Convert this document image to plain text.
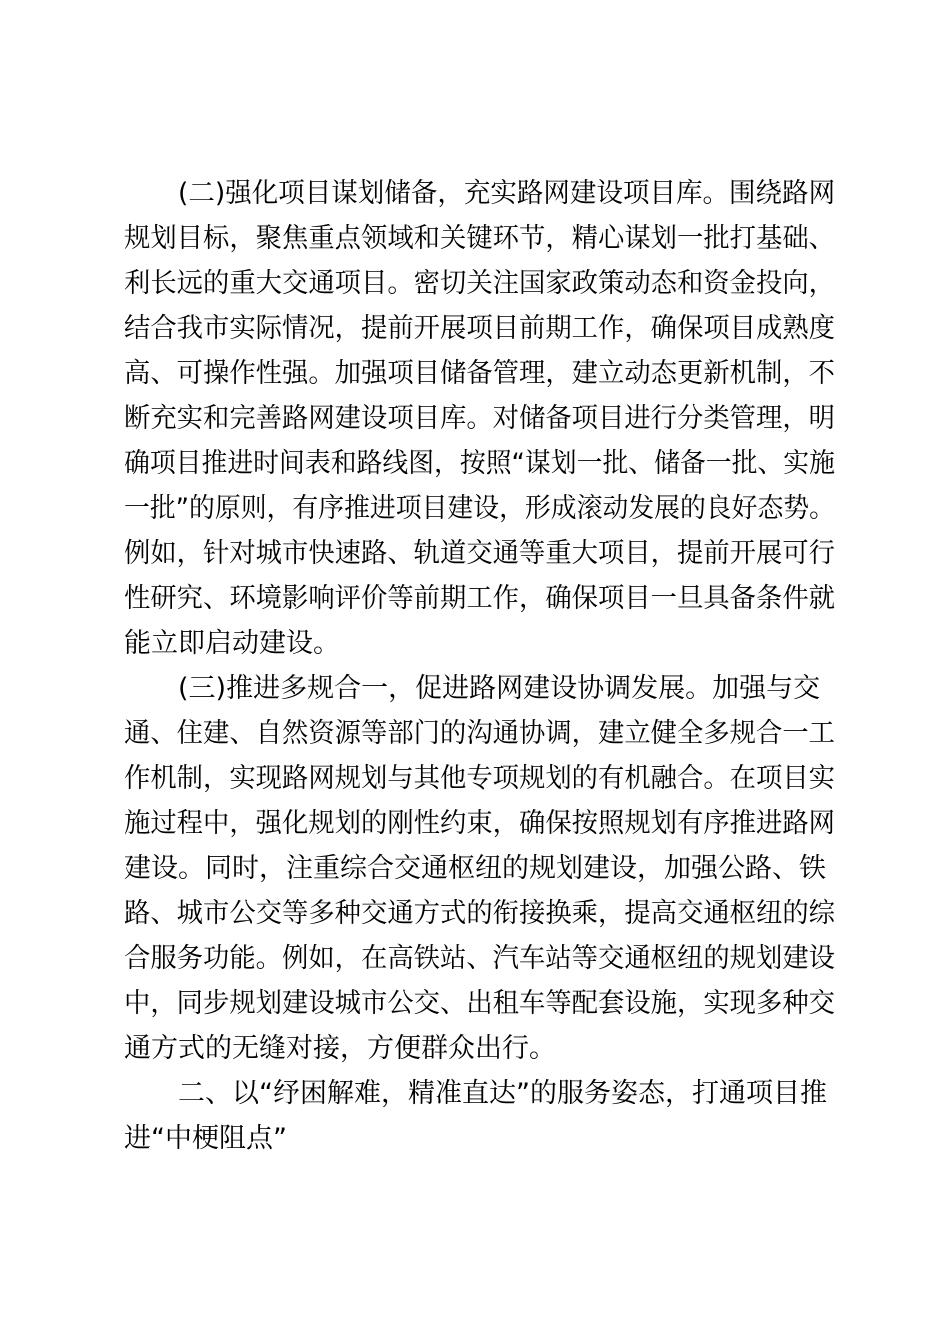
(二)强化项目谋划储备，充实路网建设项目库。围绕路网
规划目标，聚焦重点领域和关键环节，精心谋划一批打基础、
利长远的重大交通项目。密切关注国家政策动态和资金投向，
结合我市实际情况，提前开展项目前期工作，确保项目成熟度
高、可操作性强。加强项目储备管理，建立动态更新机制，不
断充实和完善路网建设项目库。对储备项目进行分类管理，明
确项目推进时间表和路线图，按照“谋划一批、储备一批、实施
一批”的原则，有序推进项目建设，形成滚动发展的良好态势。
例如，针对城市快速路、轨道交通等重大项目，提前开展可行
性研究、环境影响评价等前期工作，确保项目一旦具备条件就
能立即启动建设。
(三)推进多规合一，促进路网建设协调发展。加强与交
通、住建、自然资源等部门的沟通协调，建立健全多规合一工
作机制，实现路网规划与其他专项规划的有机融合。在项目实
施过程中，强化规划的刚性约束，确保按照规划有序推进路网
建设。同时，注重综合交通枢纽的规划建设，加强公路、铁
路、城市公交等多种交通方式的衔接换乘，提高交通枢纽的综
合服务功能。例如，在高铁站、汽车站等交通枢纽的规划建设
中，同步规划建设城市公交、出租车等配套设施，实现多种交
通方式的无缝对接，方便群众出行。
二、以“纾困解难，精准直达”的服务姿态，打通项目推
进“中梗阻点”
